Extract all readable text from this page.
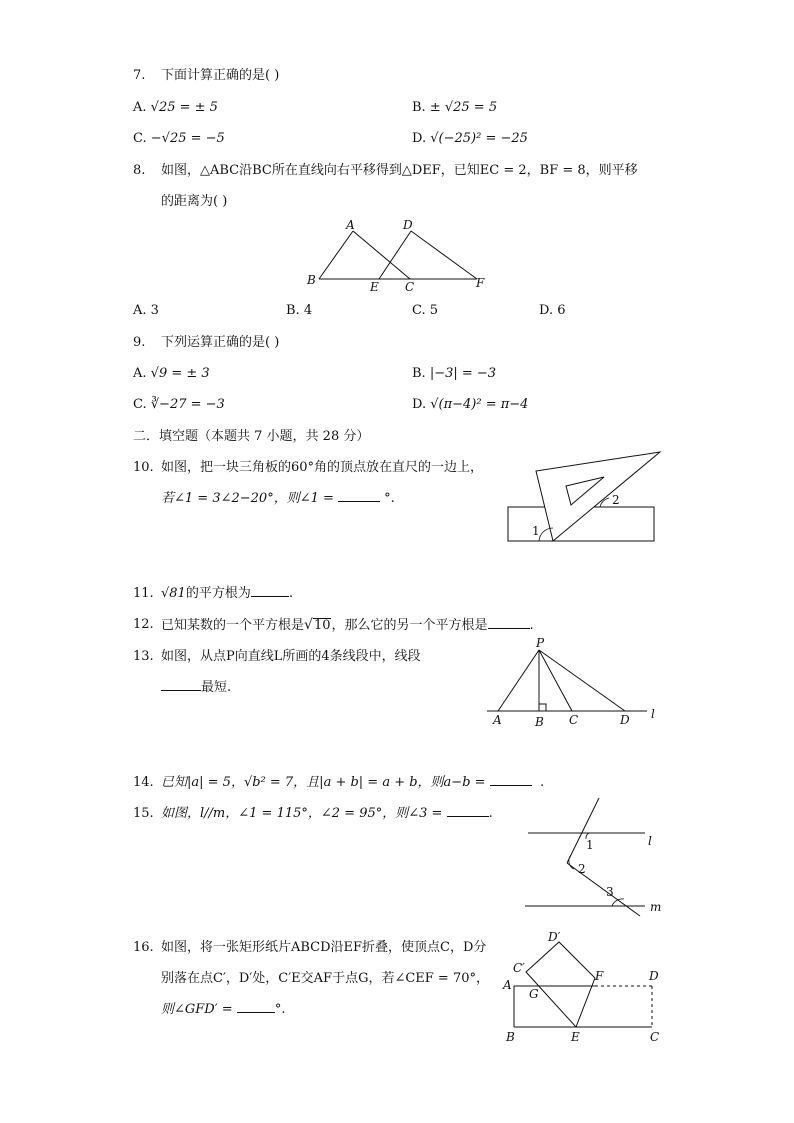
7. 下面计算正确的是( )
A. √25 = ± 5	B. ± √25 = 5
C. −√25 = −5	D. √(−25)² = −25
8. 如图，△ABC沿BC所在直线向右平移得到△DEF，已知EC = 2，BF = 8，则平移
的距离为( )
A	D
B	E C	F
A. 3	B. 4	C. 5	D. 6
9. 下列运算正确的是( )
A. √9 = ± 3	B. |−3| = −3
C. ∛−27 = −3	D. √(π−4)² = π−4
二．填空题（本题共 7 小题，共 28 分）
10. 如图，把一块三角板的60°角的顶点放在直尺的一边上，
若∠1 = 3∠2−20°，则∠1 =	°.
1
2
11. √81的平方根为	.
12. 已知某数的一个平方根是√10，那么它的另一个平方根是	.
13. 如图，从点P向直线L所画的4条线段中，线段
最短.
P
A	B C	D l
14. 已知|a| = 5，√b² = 7，且|a + b| = a + b，则a−b =	.
15. 如图，l//m，∠1 = 115°，∠2 = 95°，则∠3 =	.
l
1
2
3
m
16. 如图，将一张矩形纸片ABCD沿EF折叠，使顶点C，D分
别落在点C′，D′处，C′E交AF于点G，若∠CEF = 70°，
则∠GFD′ =	°.
D′
C′
F	D
A
G
B	E	C
